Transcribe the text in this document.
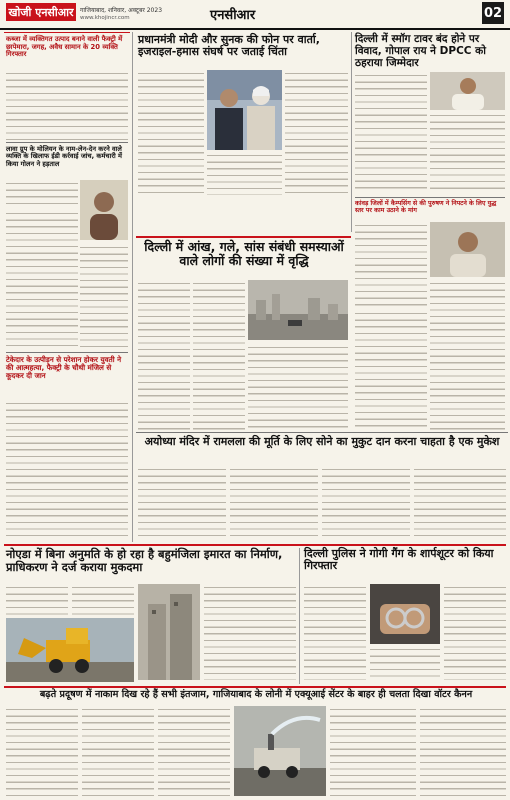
खोजी एनसीआर	गाजियाबाद, शनिवार, अक्टूबर 2023
www.khojincr.com	एनसीआर	02
कब्जा में व्यक्तिगत उत्पाद बनाने वाली फैक्ट्री में छापेमारा, जगह, अवैध सामान के 20 व्यक्ति गिरफ्तार
लावा ग्रुप के मोलियन के नाम-लेन-देन करने वाले व्यक्ति के खिलाफ ईडी कर्रवाई जांच, कर्मचारी में किया गोलन ने हड़ताल
टेकेदार के उत्पीड़न से परेशान होकर युवती ने की आत्महत्या, फैक्ट्री के चौथी मंजिल से कूदकर दी जान
प्रधानमंत्री मोदी और सुनक की फोन पर वार्ता, इजराइल-हमास संघर्ष पर जताई चिंता
दिल्ली में स्मॉग टावर बंद होने पर विवाद, गोपाल राय ने DPCC को ठहराया जिम्मेदार
कांवड़ जिलों में कैम्पसिंग से की पुरुषण ने निपटने के लिए युद्ध स्तर पर काम उठाने के मांग
दिल्ली में आंख, गले, सांस संबंधी समस्याओं वाले लोगों की संख्या में वृद्धि
अयोध्या मंदिर में रामलला की मूर्ति के लिए सोने का मुकुट दान करना चाहता है एक मुकेश
नोएडा में बिना अनुमति के हो रहा है बहुमंजिला इमारत का निर्माण, प्राधिकरण ने दर्ज कराया मुकदमा
दिल्ली पुलिस ने गोगी गैंग के शार्पशूटर को किया गिरफ्तार
बढ़ते प्रदूषण में नाकाम दिख रहे हैं सभी इंतजाम, गाजियाबाद के लोनी में एक्यूआई सेंटर के बाहर ही चलता दिखा वॉटर कैनन
